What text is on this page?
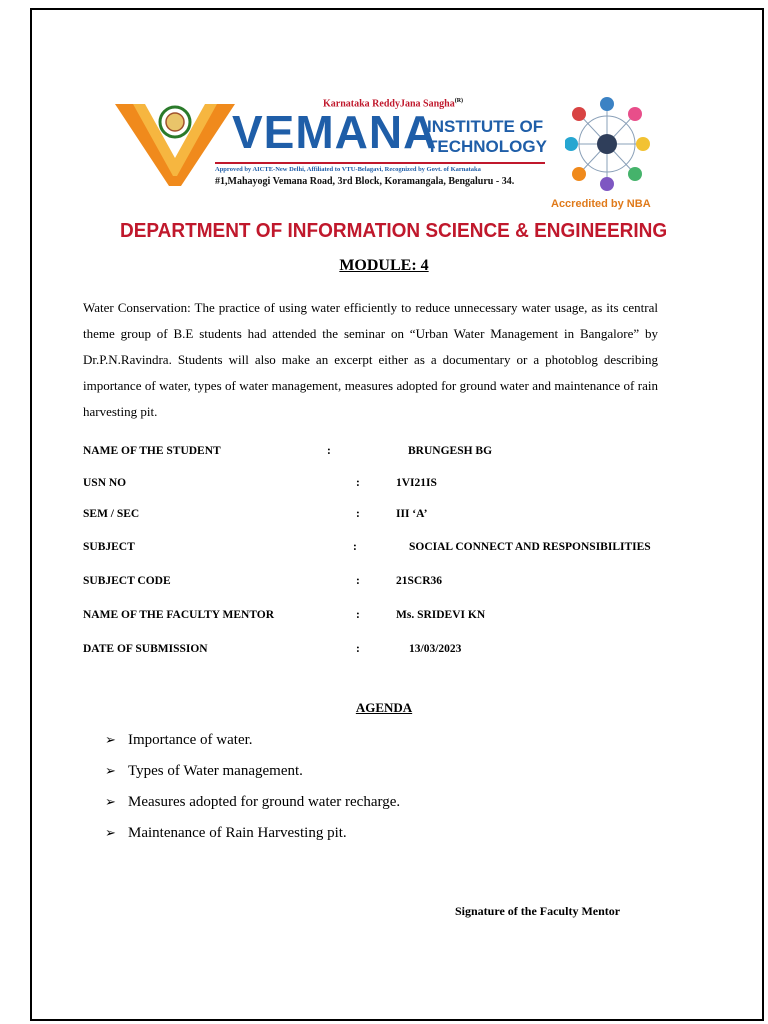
Karnataka ReddyJana Sangha$^{(R)}$
VEMANA
INSTITUTE OF
TECHNOLOGY
Approved by AICTE-New Delhi, Affiliated to VTU-Belagavi, Recognized by Govt. of Karnataka
#1,Mahayogi Vemana Road, 3rd Block, Koramangala, Bengaluru - 34.
Accredited by NBA
DEPARTMENT OF INFORMATION SCIENCE & ENGINEERING
MODULE: 4

Water Conservation: The practice of using water efficiently to reduce unnecessary water usage, as its central theme group of B.E students had attended the seminar on “Urban Water Management in Bangalore” by Dr.P.N.Ravindra. Students will also make an excerpt either as a documentary or a photoblog describing importance of water, types of water management, measures adopted for ground water and maintenance of rain harvesting pit.

NAME OF THE STUDENT	:	BRUNGESH BG
USN NO	:	1VI21IS
SEM / SEC	:	III ‘A’
SUBJECT	:	SOCIAL CONNECT AND RESPONSIBILITIES
SUBJECT CODE	:	21SCR36
NAME OF THE FACULTY MENTOR	:	Ms. SRIDEVI KN
DATE OF SUBMISSION	:	13/03/2023
AGENDA
➢ Importance of water.
➢ Types of Water management.
➢ Measures adopted for ground water recharge.
➢ Maintenance of Rain Harvesting pit.
Signature of the Faculty Mentor
